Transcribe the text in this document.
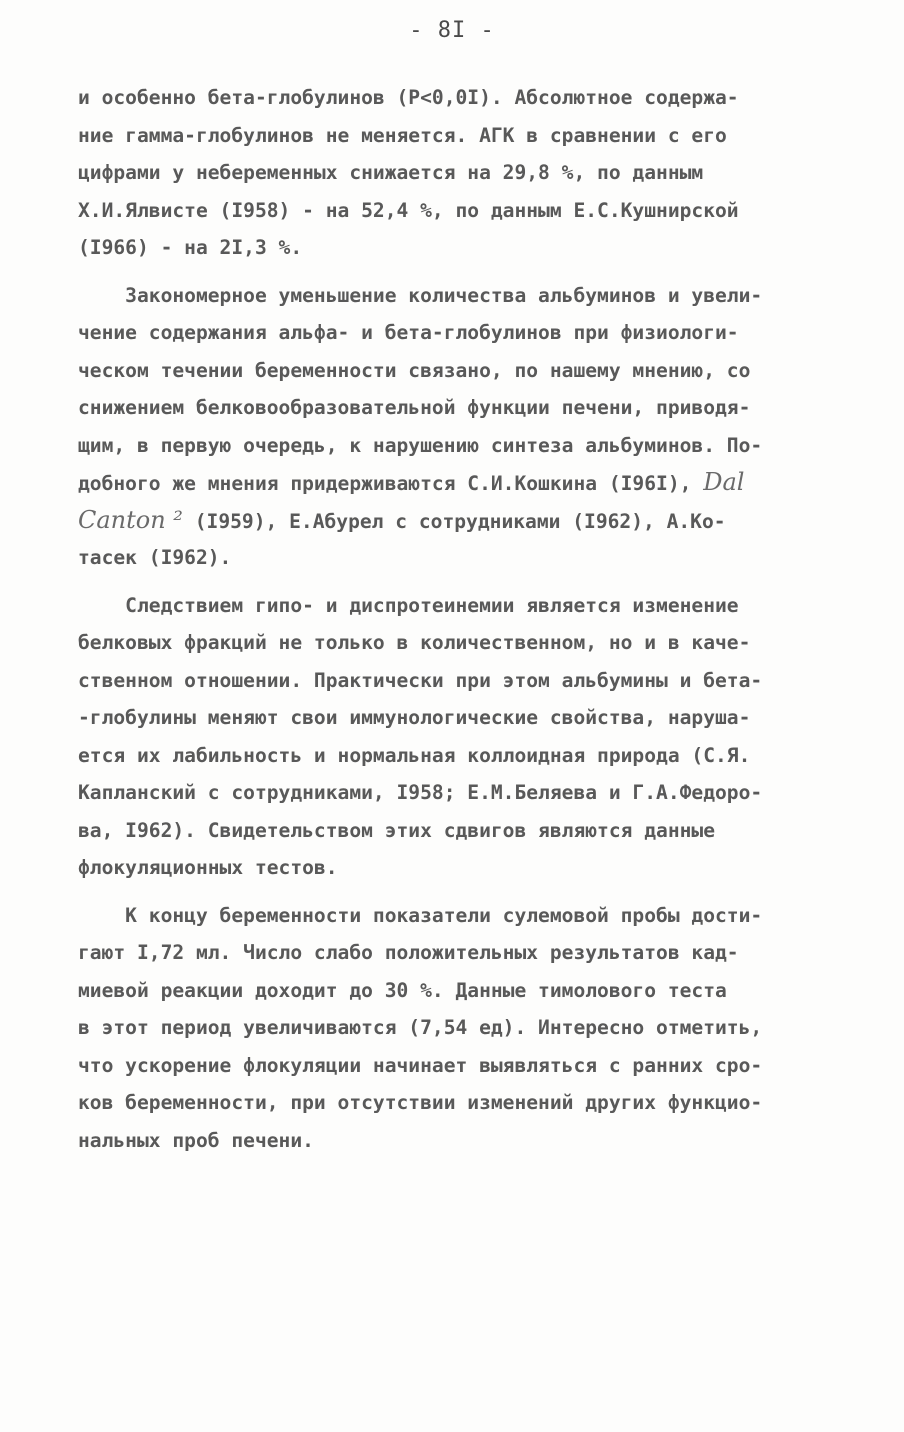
- 8I -

и особенно бета-глобулинов (Р<0,0I). Абсолютное содержа-
ние гамма-глобулинов не меняется. АГК в сравнении с его
цифрами у небеременных снижается на 29,8 %, по данным
Х.И.Ялвисте (I958) - на 52,4 %, по данным Е.С.Кушнирской
(I966) - на 2I,3 %.

Закономерное уменьшение количества альбуминов и увели-
чение содержания альфа- и бета-глобулинов при физиологи-
ческом течении беременности связано, по нашему мнению, со
снижением белковообразовательной функции печени, приводя-
щим, в первую очередь, к нарушению синтеза альбуминов. По-
добного же мнения придерживаются С.И.Кошкина (I96I), Dal
Canton ² (I959), Е.Абурел с сотрудниками (I962), А.Ко-
тасек (I962).

Следствием гипо- и диспротеинемии является изменение
белковых фракций не только в количественном, но и в каче-
ственном отношении. Практически при этом альбумины и бета-
-глобулины меняют свои иммунологические свойства, наруша-
ется их лабильность и нормальная коллоидная природа (С.Я.
Капланский с сотрудниками, I958; Е.М.Беляева и Г.А.Федоро-
ва, I962). Свидетельством этих сдвигов являются данные
флокуляционных тестов.

К концу беременности показатели сулемовой пробы дости-
гают I,72 мл. Число слабо положительных результатов кад-
миевой реакции доходит до 30 %. Данные тимолового теста
в этот период увеличиваются (7,54 ед). Интересно отметить,
что ускорение флокуляции начинает выявляться с ранних сро-
ков беременности, при отсутствии изменений других функцио-
нальных проб печени.
